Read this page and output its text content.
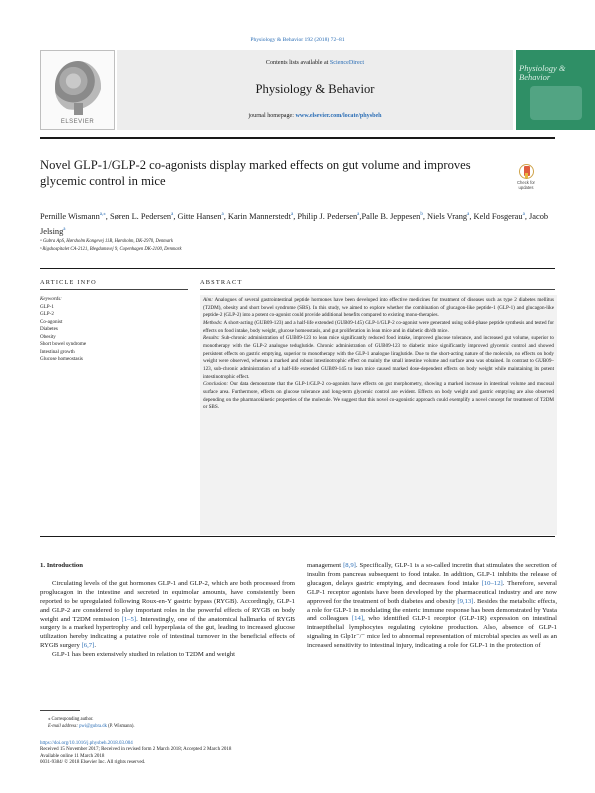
Physiology & Behavior 192 (2018) 72–81
ELSEVIER
Contents lists available at ScienceDirect
Physiology & Behavior
journal homepage: www.elsevier.com/locate/physbeh
Physiology & Behavior
Novel GLP-1/GLP-2 co-agonists display marked effects on gut volume and improves glycemic control in mice	Check for updates
Pernille Wismann$^{a,⁎}$, Søren L. Pedersen$^a$, Gitte Hansen$^a$, Karin Mannerstedt$^a$, Philip J. Pedersen$^a$,Palle B. Jeppesen$^b$, Niels Vrang$^a$, Keld Fosgerau$^a$, Jacob Jelsing$^a$
ᵃ Gubra ApS, Hørsholm Kongevej 11B, Hørsholm, DK-2970, Denmark
ᵇ Rigshospitalet CA-2121, Blegdamsvej 9, Copenhagen DK-2100, Denmark
ARTICLE INFO	ABSTRACT
Keywords:
GLP-1
GLP-2
Co-agonist
Diabetes
Obesity
Short bowel syndrome
Intestinal growth
Glucose homeostasis

Aim: Analogues of several gastrointestinal peptide hormones have been developed into effective medicines for treatment of diseases such as type 2 diabetes mellitus (T2DM), obesity and short bowel syndrome (SBS). In this study, we aimed to explore whether the combination of glucagon-like peptide-1 (GLP-1) and glucagon-like peptide-2 (GLP-2) into a potent co-agonist could provide additional benefits compared to existing mono-therapies.

Methods: A short-acting (GUB09-123) and a half-life extended (GUB09-145) GLP-1/GLP-2 co-agonist were generated using solid-phase peptide synthesis and tested for effects on food intake, body weight, glucose homeostasis, and gut proliferation in lean mice and in diabetic db/db mice.

Results: Sub-chronic administration of GUB09-123 to lean mice significantly reduced food intake, improved glucose tolerance, and increased gut volume, superior to monotherapy with the GLP-2 analogue teduglutide. Chronic administration of GUB09-123 to diabetic mice significantly improved glycemic control and showed persistent effects on gastric emptying, superior to monotherapy with the GLP-1 analogue liraglutide. Due to the short-acting nature of the molecule, no effects on body weight were observed, whereas a marked and robust intestinotrophic effect on mainly the small intestine volume and surface area was obtained. In contrast to GUB09–123, sub-chronic administration of a half-life extended GUB09-145 to lean mice caused marked dose-dependent effects on body weight while maintaining its potent intestinotrophic effect.

Conclusion: Our data demonstrate that the GLP-1/GLP-2 co-agonists have effects on gut morphometry, showing a marked increase in intestinal volume and mucosal surface area. Furthermore, effects on glucose tolerance and long-term glycemic control are evident. Effects on body weight and gastric emptying are also observed depending on the pharmacokinetic properties of the molecule. We suggest that this novel co-agonistic approach could exemplify a novel concept for treatment of T2DM or SBS.

1. Introduction
Circulating levels of the gut hormones GLP-1 and GLP-2, which are both processed from proglucagon in the intestine and secreted in equimolar amounts, have consistently been reported to be upregulated following Roux-en-Y gastric bypass (RYGB). Accordingly, GLP-1 and GLP-2 are considered to play important roles in the powerful effects of RYGB on body weight and T2DM remission [1–5]. Interestingly, one of the anatomical hallmarks of RYGB surgery is a marked hypertrophy and cell hyperplasia of the gut, leading to increased glucose utilization hereby indicating a putative role of intestinal turnover in the beneficial effects of RYGB surgery [6,7].
GLP-1 has been extensively studied in relation to T2DM and weight
management [8,9]. Specifically, GLP-1 is a so-called incretin that stimulates the secretion of insulin from pancreas subsequent to food intake. In addition, GLP-1 inhibits the release of glucagon, delays gastric emptying, and decreases food intake [10–12]. Therefore, several GLP-1 receptor agonists have been developed by the pharmaceutical industry and are now approved for the treatment of both diabetes and obesity [9,13]. Besides the metabolic effects, a role for GLP-1 in modulating the enteric immune response has been demonstrated by Yusta and colleagues [14], who identified GLP-1 receptor (GLP-1R) expression on intestinal intraepithelial lymphocytes regulating cytokine production. Also, absence of GLP-1 signaling in Glp1r⁻/⁻ mice led to abnormal representation of microbial species as well as an increased sensitivity to intestinal injury, indicating a role for GLP-1 in the protection of
⁎ Corresponding author.
E-mail address: pwi@gubra.dk (P. Wismann).
https://doi.org/10.1016/j.physbeh.2018.03.004
Received 15 November 2017; Received in revised form 2 March 2018; Accepted 2 March 2018
Available online 11 March 2018
0031-9384/ © 2018 Elsevier Inc. All rights reserved.
